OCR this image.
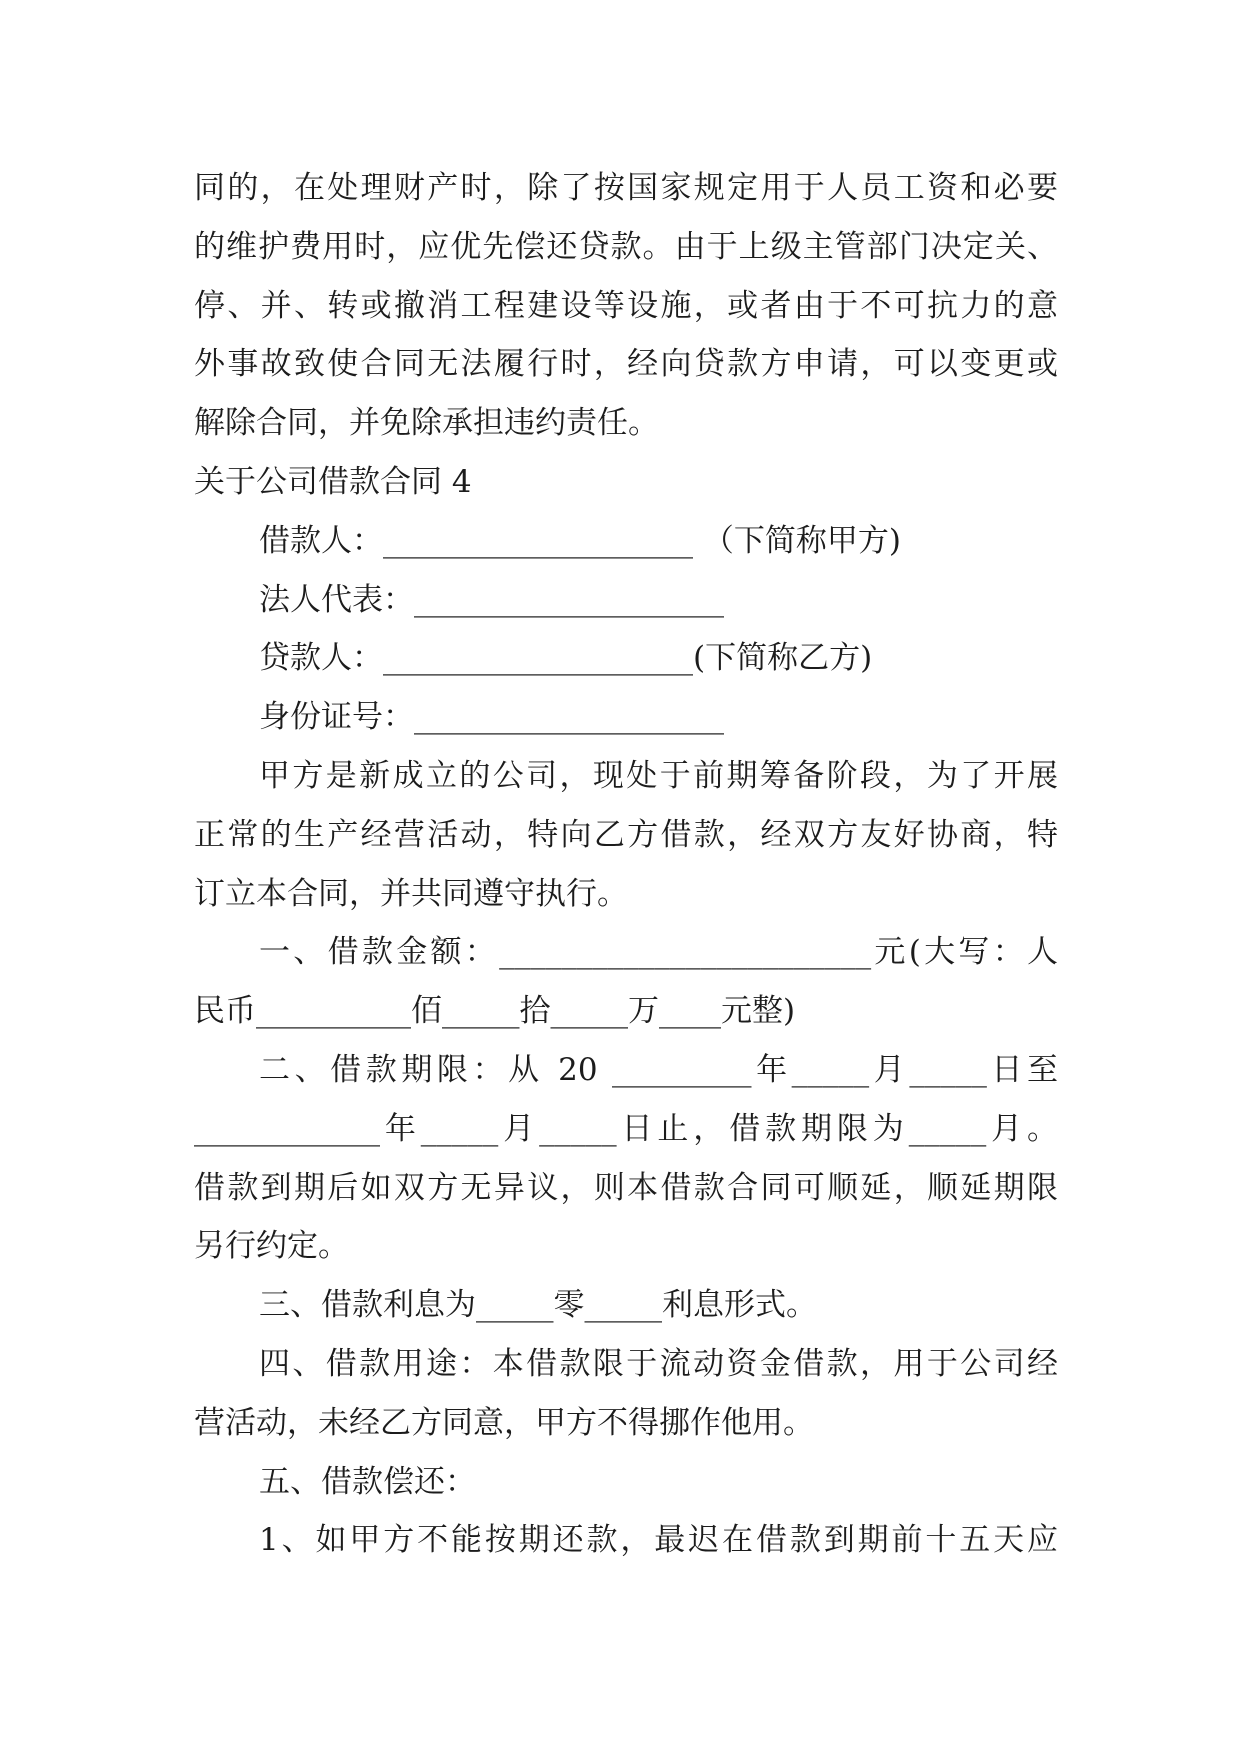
同的，在处理财产时，除了按国家规定用于人员工资和必要
的维护费用时，应优先偿还贷款。由于上级主管部门决定关、
停、并、转或撤消工程建设等设施，或者由于不可抗力的意
外事故致使合同无法履行时，经向贷款方申请，可以变更或
解除合同，并免除承担违约责任。
关于公司借款合同 4
借款人：____________________ （下简称甲方)
法人代表：____________________
贷款人：____________________(下简称乙方)
身份证号：____________________
甲方是新成立的公司，现处于前期筹备阶段，为了开展
正常的生产经营活动，特向乙方借款，经双方友好协商，特
订立本合同，并共同遵守执行。
一、借款金额：________________________元(大写：人
民币__________佰_____拾_____万____元整)
二、借款期限：从 20 _________年_____月_____日至
____________年_____月_____日止，借款期限为_____月。
借款到期后如双方无异议，则本借款合同可顺延，顺延期限
另行约定。
三、借款利息为_____零_____利息形式。
四、借款用途：本借款限于流动资金借款，用于公司经
营活动，未经乙方同意，甲方不得挪作他用。
五、借款偿还：
1、如甲方不能按期还款，最迟在借款到期前十五天应
